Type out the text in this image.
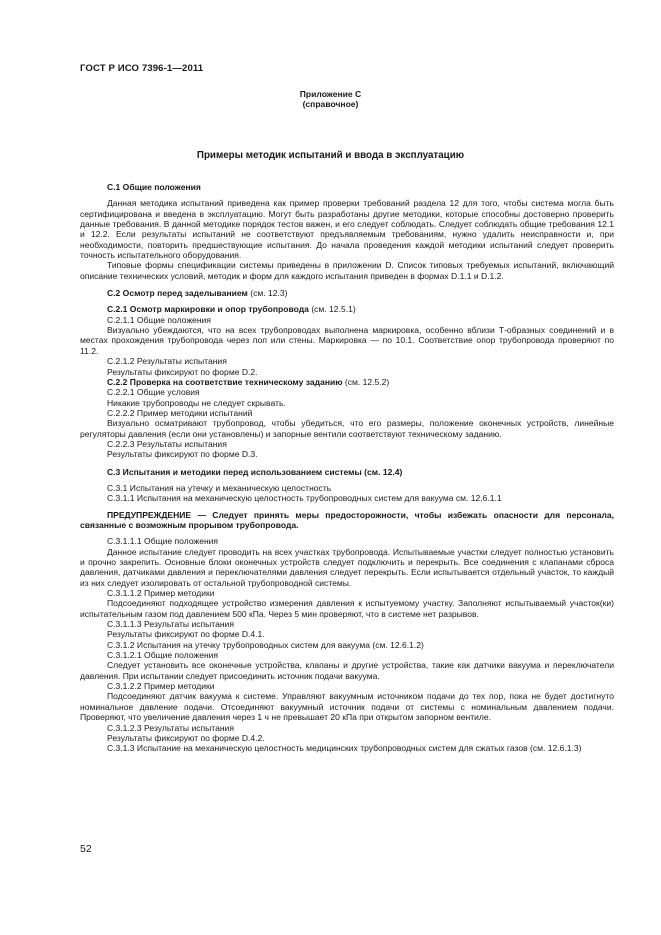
ГОСТ Р ИСО 7396-1—2011
Приложение С
(справочное)
Примеры методик испытаний и ввода в эксплуатацию
С.1 Общие положения

Данная методика испытаний приведена как пример проверки требований раздела 12 для того, чтобы система могла быть сертифицирована и введена в эксплуатацию. Могут быть разработаны другие методики, которые способны достоверно проверить данные требования. В данной методике порядок тестов важен, и его следует соблюдать. Следует соблюдать общие требования 12.1 и 12.2. Если результаты испытаний не соответствуют предъявляемым требованиям, нужно удалить неисправности и, при необходимости, повторить предшествующие испытания. До начала проведения каждой методики испытаний следует проверить точность испытательного оборудования.

Типовые формы спецификации системы приведены в приложении D. Список типовых требуемых испытаний, включающий описание технических условий, методик и форм для каждого испытания приведен в формах D.1.1 и D.1.2.

С.2 Осмотр перед заделыванием (см. 12.3)
С.2.1 Осмотр маркировки и опор трубопровода (см. 12.5.1)
С.2.1.1 Общие положения

Визуально убеждаются, что на всех трубопроводах выполнена маркировка, особенно вблизи Т-образных соединений и в местах прохождения трубопровода через пол или стены. Маркировка — по 10.1. Соответствие опор трубопровода проверяют по 11.2.

С.2.1.2 Результаты испытания
Результаты фиксируют по форме D.2.
С.2.2 Проверка на соответствие техническому заданию (см. 12.5.2)
С.2.2.1 Общие условия
Никакие трубопроводы не следует скрывать.
С.2.2.2 Пример методики испытаний

Визуально осматривают трубопровод, чтобы убедиться, что его размеры, положение оконечных устройств, линейные регуляторы давления (если они установлены) и запорные вентили соответствуют техническому заданию.

С.2.2.3 Результаты испытания
Результаты фиксируют по форме D.3.
С.3 Испытания и методики перед использованием системы (см. 12.4)
С.3.1 Испытания на утечку и механическую целостность
С.3.1.1 Испытания на механическую целостность трубопроводных систем для вакуума см. 12.6.1.1

ПРЕДУПРЕЖДЕНИЕ — Следует принять меры предосторожности, чтобы избежать опасности для персонала, связанные с возможным прорывом трубопровода.

С.3.1.1.1 Общие положения

Данное испытание следует проводить на всех участках трубопровода. Испытываемые участки следует полностью установить и прочно закрепить. Основные блоки оконечных устройств следует подключить и перекрыть. Все соединения с клапанами сброса давления, датчиками давления и переключателями давления следует перекрыть. Если испытывается отдельный участок, то каждый из них следует изолировать от остальной трубопроводной системы.

С.3.1.1.2 Пример методики

Подсоединяют подходящее устройство измерения давления к испытуемому участку. Заполняют испытываемый участок(ки) испытательным газом под давлением 500 кПа. Через 5 мин проверяют, что в системе нет разрывов.

С.3.1.1.3 Результаты испытания
Результаты фиксируют по форме D.4.1.
С.3.1.2 Испытания на утечку трубопроводных систем для вакуума (см. 12.6.1.2)
С.3.1.2.1 Общие положения

Следует установить все оконечные устройства, клапаны и другие устройства, такие как датчики вакуума и переключатели давления. При испытании следует присоединить источник подачи вакуума.

С.3.1.2.2 Пример методики

Подсоединяют датчик вакуума к системе. Управляют вакуумным источником подачи до тех пор, пока не будет достигнуто номинальное давление подачи. Отсоединяют вакуумный источник подачи от системы с номинальным давлением подачи. Проверяют, что увеличение давления через 1 ч не превышает 20 кПа при открытом запорном вентиле.

С.3.1.2.3 Результаты испытания
Результаты фиксируют по форме D.4.2.

С.3.1.3 Испытание на механическую целостность медицинских трубопроводных систем для сжатых газов (см. 12.6.1.3)

52
